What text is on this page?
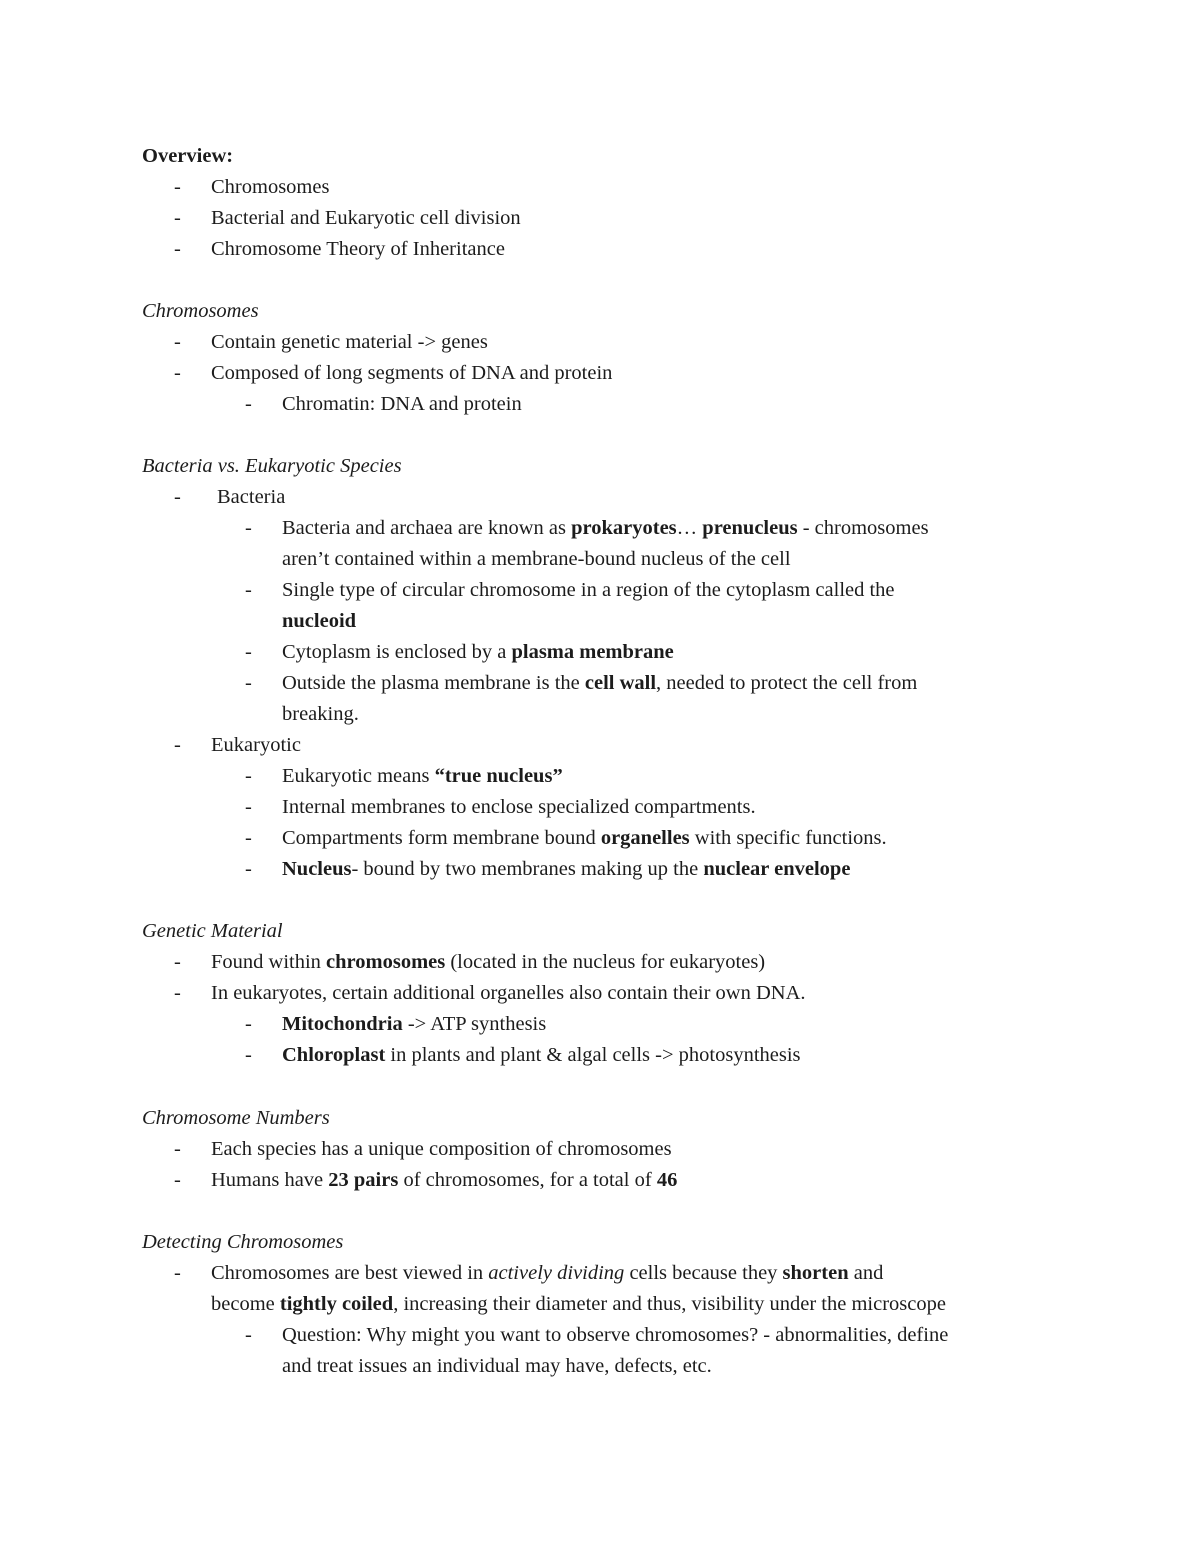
Overview:
-	Chromosomes
-	Bacterial and Eukaryotic cell division
-	Chromosome Theory of Inheritance
Chromosomes
-	Contain genetic material -> genes
-	Composed of long segments of DNA and protein
-	Chromatin: DNA and protein
Bacteria vs. Eukaryotic Species
-	Bacteria
-	Bacteria and archaea are known as prokaryotes… prenucleus - chromosomes
aren’t contained within a membrane-bound nucleus of the cell
-	Single type of circular chromosome in a region of the cytoplasm called the
nucleoid
-	Cytoplasm is enclosed by a plasma membrane
-	Outside the plasma membrane is the cell wall, needed to protect the cell from
breaking.
-	Eukaryotic
-	Eukaryotic means “true nucleus”
-	Internal membranes to enclose specialized compartments.
-	Compartments form membrane bound organelles with specific functions.
-	Nucleus- bound by two membranes making up the nuclear envelope
Genetic Material
-	Found within chromosomes (located in the nucleus for eukaryotes)
-	In eukaryotes, certain additional organelles also contain their own DNA.
-	Mitochondria -> ATP synthesis
-	Chloroplast in plants and plant & algal cells -> photosynthesis
Chromosome Numbers
-	Each species has a unique composition of chromosomes
-	Humans have 23 pairs of chromosomes, for a total of 46
Detecting Chromosomes
-	Chromosomes are best viewed in actively dividing cells because they shorten and
become tightly coiled, increasing their diameter and thus, visibility under the microscope
-	Question: Why might you want to observe chromosomes? - abnormalities, define
and treat issues an individual may have, defects, etc.
